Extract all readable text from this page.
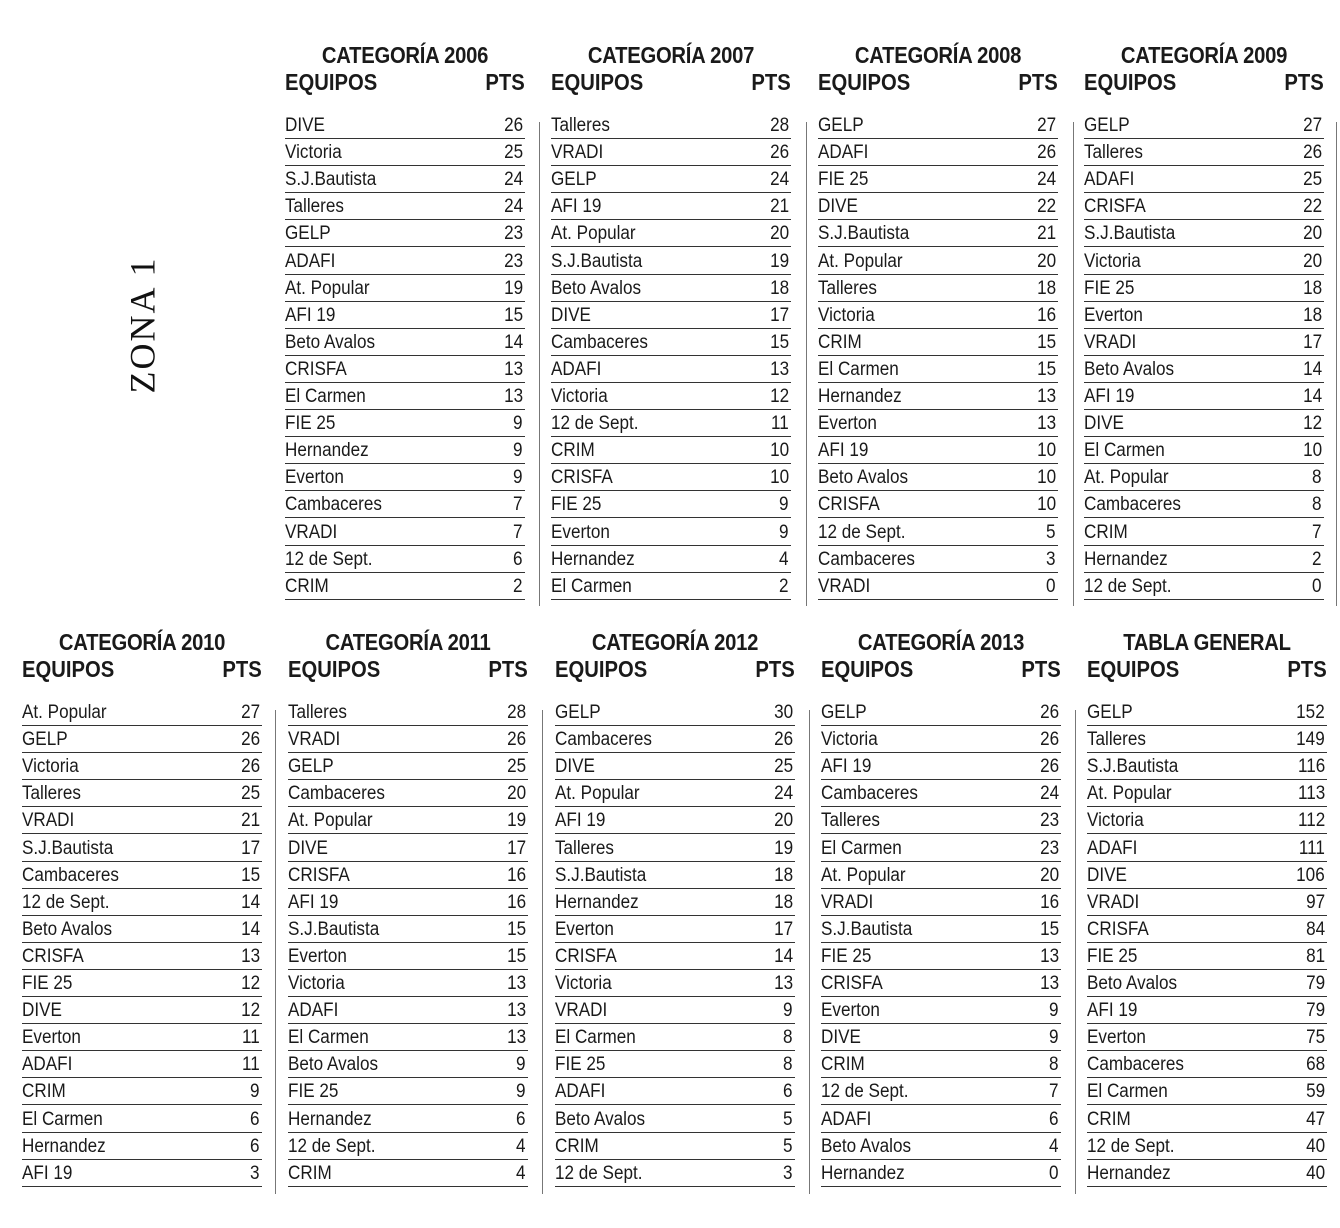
ZONA 1
CATEGORÍA 2006
EQUIPOS	PTS
DIVE	26
Victoria	25
S.J.Bautista	24
Talleres	24
GELP	23
ADAFI	23
At. Popular	19
AFI 19	15
Beto Avalos	14
CRISFA	13
El Carmen	13
FIE 25	9
Hernandez	9
Everton	9
Cambaceres	7
VRADI	7
12 de Sept.	6
CRIM	2
CATEGORÍA 2007
EQUIPOS	PTS
Talleres	28
VRADI	26
GELP	24
AFI 19	21
At. Popular	20
S.J.Bautista	19
Beto Avalos	18
DIVE	17
Cambaceres	15
ADAFI	13
Victoria	12
12 de Sept.	11
CRIM	10
CRISFA	10
FIE 25	9
Everton	9
Hernandez	4
El Carmen	2
CATEGORÍA 2008
EQUIPOS	PTS
GELP	27
ADAFI	26
FIE 25	24
DIVE	22
S.J.Bautista	21
At. Popular	20
Talleres	18
Victoria	16
CRIM	15
El Carmen	15
Hernandez	13
Everton	13
AFI 19	10
Beto Avalos	10
CRISFA	10
12 de Sept.	5
Cambaceres	3
VRADI	0
CATEGORÍA 2009
EQUIPOS	PTS
GELP	27
Talleres	26
ADAFI	25
CRISFA	22
S.J.Bautista	20
Victoria	20
FIE 25	18
Everton	18
VRADI	17
Beto Avalos	14
AFI 19	14
DIVE	12
El Carmen	10
At. Popular	8
Cambaceres	8
CRIM	7
Hernandez	2
12 de Sept.	0
CATEGORÍA 2010
EQUIPOS	PTS
At. Popular	27
GELP	26
Victoria	26
Talleres	25
VRADI	21
S.J.Bautista	17
Cambaceres	15
12 de Sept.	14
Beto Avalos	14
CRISFA	13
FIE 25	12
DIVE	12
Everton	11
ADAFI	11
CRIM	9
El Carmen	6
Hernandez	6
AFI 19	3
CATEGORÍA 2011
EQUIPOS	PTS
Talleres	28
VRADI	26
GELP	25
Cambaceres	20
At. Popular	19
DIVE	17
CRISFA	16
AFI 19	16
S.J.Bautista	15
Everton	15
Victoria	13
ADAFI	13
El Carmen	13
Beto Avalos	9
FIE 25	9
Hernandez	6
12 de Sept.	4
CRIM	4
CATEGORÍA 2012
EQUIPOS	PTS
GELP	30
Cambaceres	26
DIVE	25
At. Popular	24
AFI 19	20
Talleres	19
S.J.Bautista	18
Hernandez	18
Everton	17
CRISFA	14
Victoria	13
VRADI	9
El Carmen	8
FIE 25	8
ADAFI	6
Beto Avalos	5
CRIM	5
12 de Sept.	3
CATEGORÍA 2013
EQUIPOS	PTS
GELP	26
Victoria	26
AFI 19	26
Cambaceres	24
Talleres	23
El Carmen	23
At. Popular	20
VRADI	16
S.J.Bautista	15
FIE 25	13
CRISFA	13
Everton	9
DIVE	9
CRIM	8
12 de Sept.	7
ADAFI	6
Beto Avalos	4
Hernandez	0
TABLA GENERAL
EQUIPOS	PTS
GELP	152
Talleres	149
S.J.Bautista	116
At. Popular	113
Victoria	112
ADAFI	111
DIVE	106
VRADI	97
CRISFA	84
FIE 25	81
Beto Avalos	79
AFI 19	79
Everton	75
Cambaceres	68
El Carmen	59
CRIM	47
12 de Sept.	40
Hernandez	40
